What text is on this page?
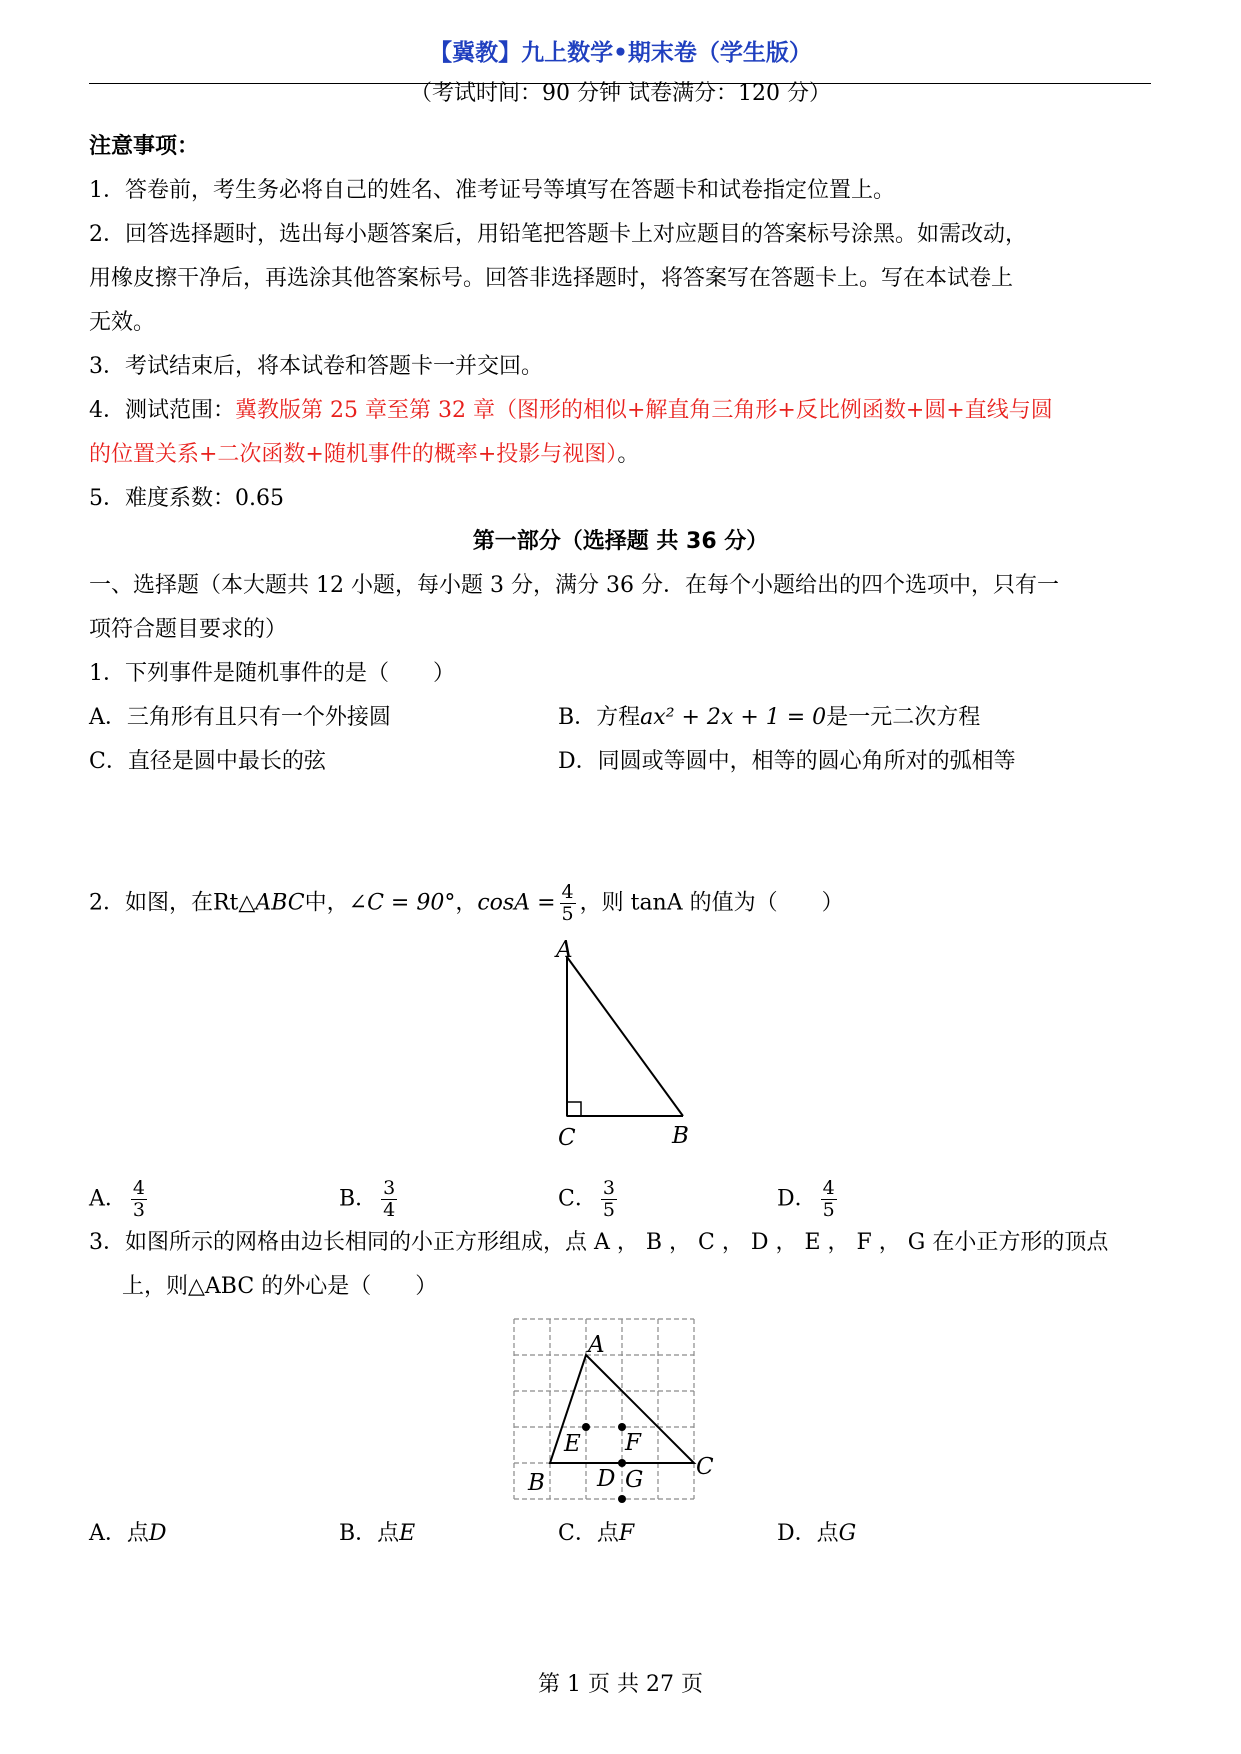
【冀教】九上数学•期末卷（学生版）
（考试时间：90 分钟 试卷满分：120 分）
注意事项：
1．答卷前，考生务必将自己的姓名、准考证号等填写在答题卡和试卷指定位置上。
2．回答选择题时，选出每小题答案后，用铅笔把答题卡上对应题目的答案标号涂黑。如需改动，
用橡皮擦干净后，再选涂其他答案标号。回答非选择题时，将答案写在答题卡上。写在本试卷上
无效。
3．考试结束后，将本试卷和答题卡一并交回。
4．测试范围：冀教版第 25 章至第 32 章（图形的相似+解直角三角形+反比例函数+圆+直线与圆
的位置关系+二次函数+随机事件的概率+投影与视图）。
5．难度系数：0.65
第一部分（选择题 共 36 分）
一、选择题（本大题共 12 小题，每小题 3 分，满分 36 分．在每个小题给出的四个选项中，只有一
项符合题目要求的）
1．下列事件是随机事件的是（　　）
A．三角形有且只有一个外接圆	B．方程ax² + 2x + 1 = 0是一元二次方程
C．直径是圆中最长的弦	D．同圆或等圆中，相等的圆心角所对的弧相等
2．如图，在Rt△ABC中，∠C = 90°，$\cos A = \frac{4}{5}$ ，则 tanA 的值为（　　）
A
C	B
A． $\frac{4}{3}$	B． $\frac{3}{4}$	C． $\frac{3}{5}$	D． $\frac{4}{5}$
3．如图所示的网格由边长相同的小正方形组成，点 A ， B ， C ， D ， E ， F ， G 在小正方形的顶点
上，则△ABC 的外心是（　　）
A
B
C
D
E F
G
A．点D	B．点E	C．点F	D．点G
第 1 页 共 27 页
